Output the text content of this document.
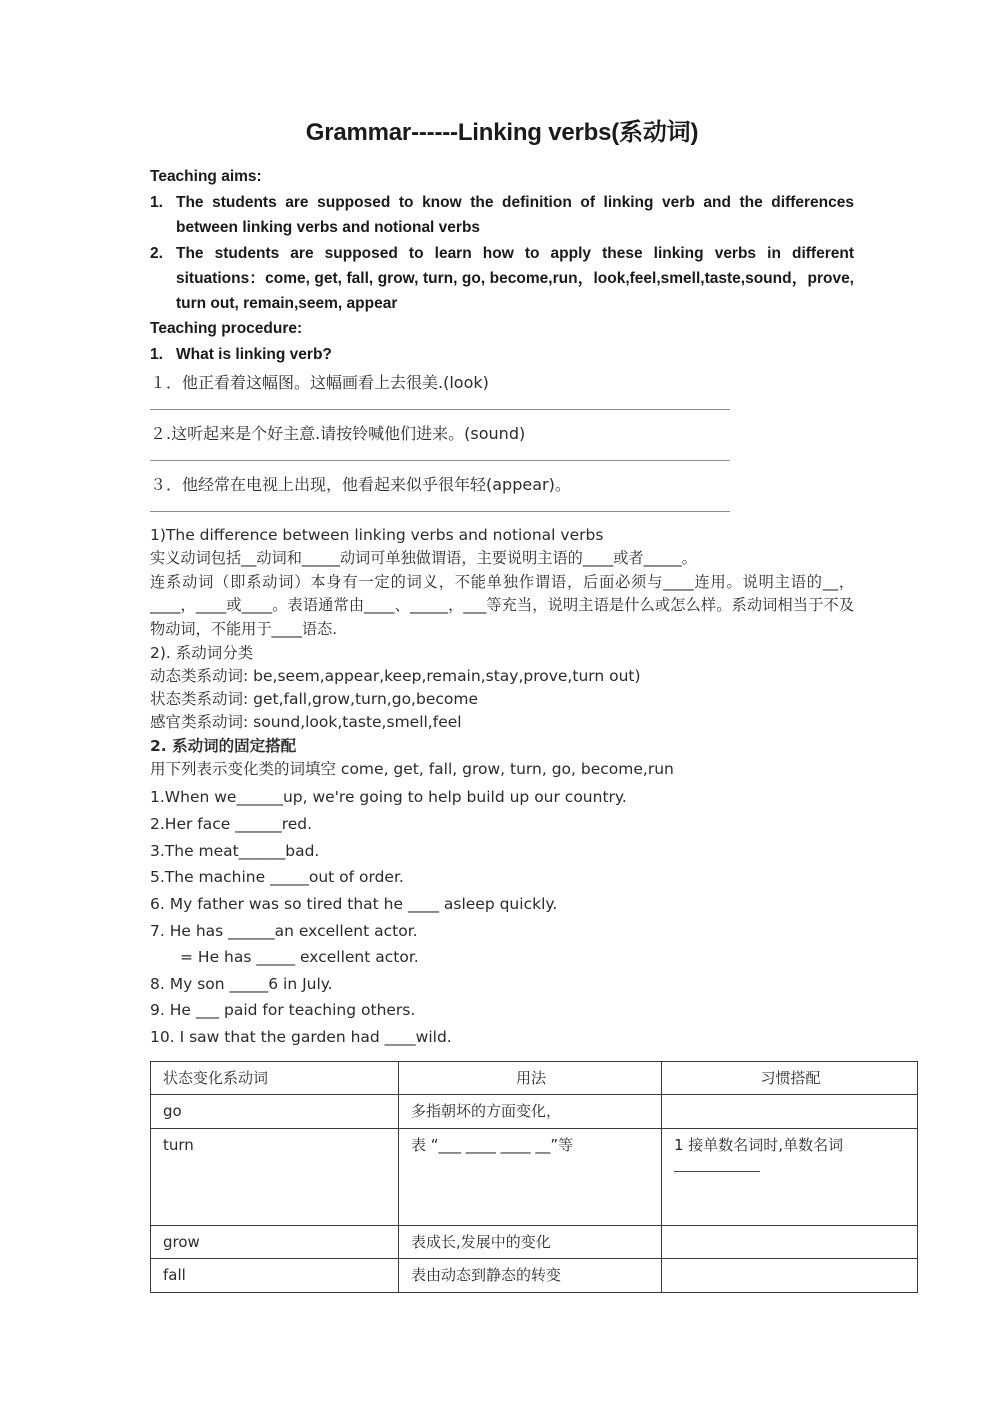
Grammar------Linking verbs(系动词)

Teaching aims:

1. The students are supposed to know the definition of linking verb and the differences between linking verbs and notional verbs
2. The students are supposed to learn how to apply these linking verbs in different situations：come, get, fall, grow, turn, go, become,run，look,feel,smell,taste,sound，prove, turn out, remain,seem, appear

Teaching procedure:

1. What is linking verb?

１．他正看着这幅图。这幅画看上去很美.(look)

２.这听起来是个好主意.请按铃喊他们进来。(sound)

３．他经常在电视上出现，他看起来似乎很年轻(appear)。

1)The difference between linking verbs and notional verbs

实义动词包括__动词和_____动词可单独做谓语，主要说明主语的____或者_____。

连系动词（即系动词）本身有一定的词义，不能单独作谓语，后面必须与____连用。说明主语的__，____，____或____。表语通常由____、_____，___等充当，说明主语是什么或怎么样。系动词相当于不及物动词，不能用于____语态.

2). 系动词分类

动态类系动词: be,seem,appear,keep,remain,stay,prove,turn out)

状态类系动词: get,fall,grow,turn,go,become

感官类系动词: sound,look,taste,smell,feel

2. 系动词的固定搭配

用下列表示变化类的词填空 come, get, fall, grow, turn, go, become,run

1.When we______up, we're going to help build up our country.

2.Her face ______red.

3.The meat______bad.

5.The machine _____out of order.

6. My father was so tired that he ____ asleep quickly.

7. He has ______an excellent actor.

= He has _____ excellent actor.

8. My son _____6 in July.

9. He ___ paid for teaching others.

10. I saw that the garden had ____wild.

状态变化系动词	用法	习惯搭配
go	多指朝坏的方面变化，	
turn	表 “___ ____ ____ __”等	1 接单数名词时,单数名词

grow	表成长,发展中的变化	
fall	表由动态到静态的转变	
